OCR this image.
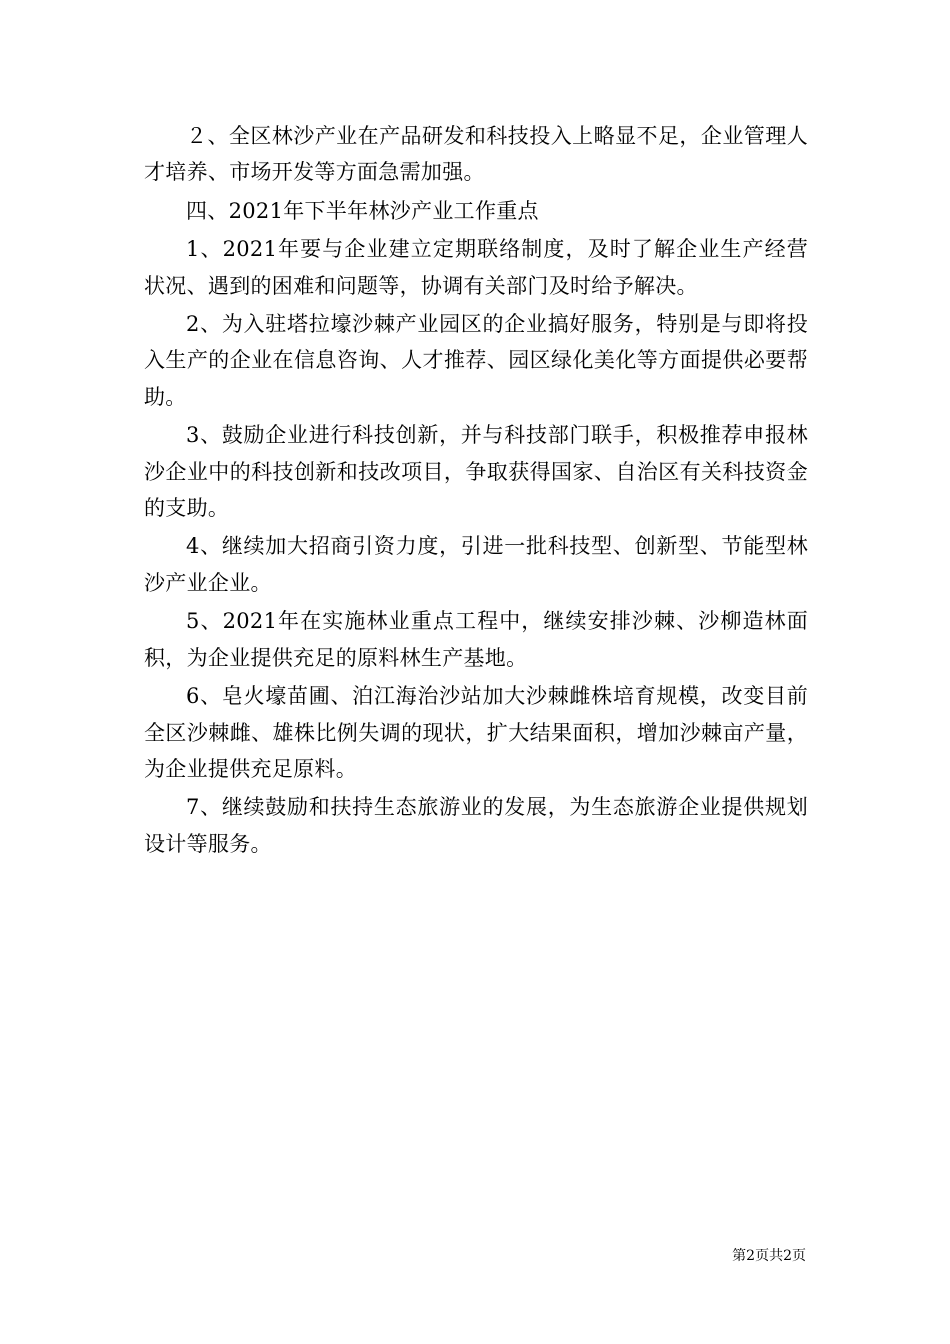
２、全区林沙产业在产品研发和科技投入上略显不足，企业管理人才培养、市场开发等方面急需加强。

四、2021年下半年林沙产业工作重点

1、2021年要与企业建立定期联络制度，及时了解企业生产经营状况、遇到的困难和问题等，协调有关部门及时给予解决。

2、为入驻塔拉壕沙棘产业园区的企业搞好服务，特别是与即将投入生产的企业在信息咨询、人才推荐、园区绿化美化等方面提供必要帮助。

3、鼓励企业进行科技创新，并与科技部门联手，积极推荐申报林沙企业中的科技创新和技改项目，争取获得国家、自治区有关科技资金的支助。

4、继续加大招商引资力度，引进一批科技型、创新型、节能型林沙产业企业。

5、2021年在实施林业重点工程中，继续安排沙棘、沙柳造林面积，为企业提供充足的原料林生产基地。

6、皂火壕苗圃、泊江海治沙站加大沙棘雌株培育规模，改变目前全区沙棘雌、雄株比例失调的现状，扩大结果面积，增加沙棘亩产量，为企业提供充足原料。

7、继续鼓励和扶持生态旅游业的发展，为生态旅游企业提供规划设计等服务。

第2页共2页
